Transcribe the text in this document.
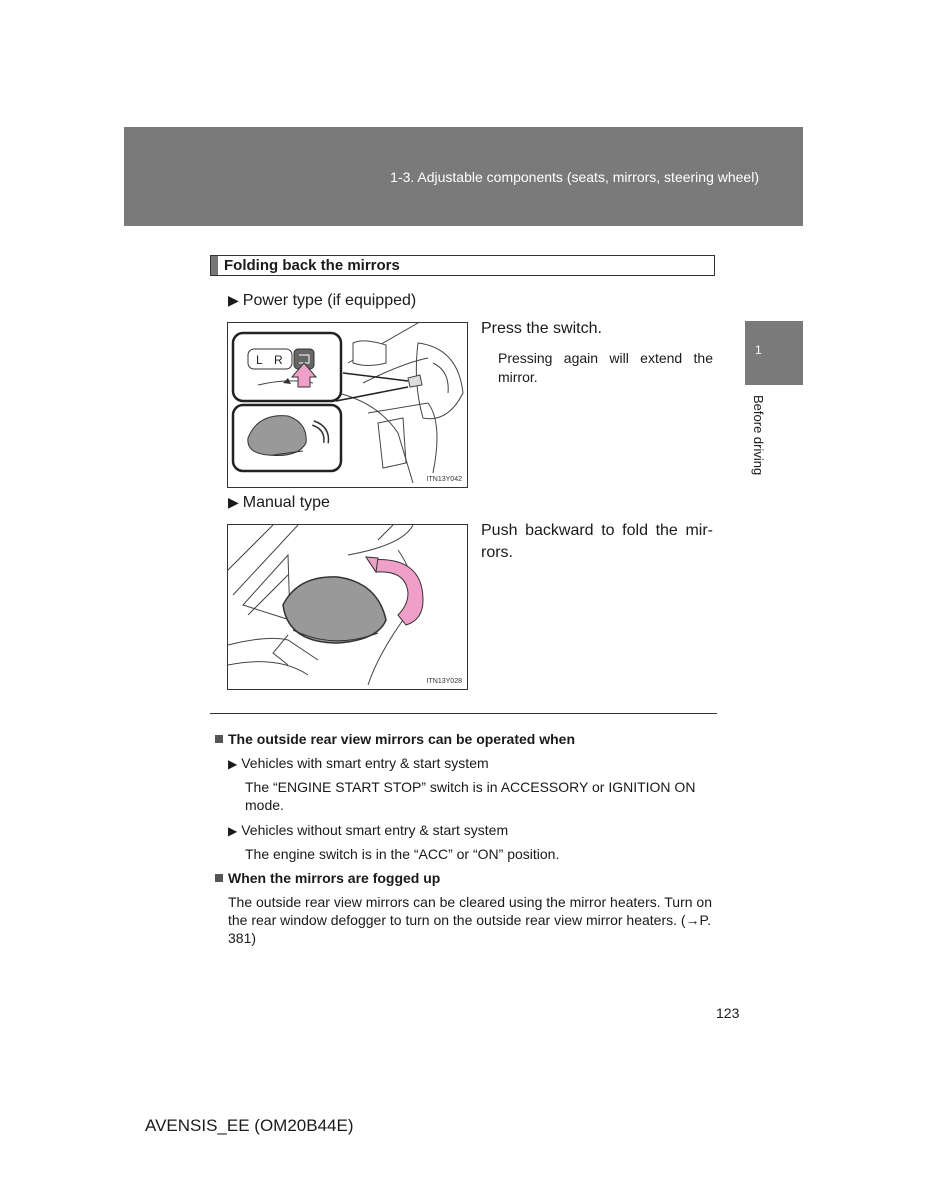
1-3. Adjustable components (seats, mirrors, steering wheel)
1
Before driving
Folding back the mirrors
▶ Power type (if equipped)
L R
ITN13Y042
Press the switch.
Pressing again will extend the mirror.
▶ Manual type
ITN13Y028
Push backward to fold the mir-rors.
The outside rear view mirrors can be operated when
▶ Vehicles with smart entry & start system
The “ENGINE START STOP” switch is in ACCESSORY or IGNITION ON mode.
▶ Vehicles without smart entry & start system
The engine switch is in the “ACC” or “ON” position.
When the mirrors are fogged up
The outside rear view mirrors can be cleared using the mirror heaters. Turn on the rear window defogger to turn on the outside rear view mirror heaters. (→P. 381)
123
AVENSIS_EE (OM20B44E)
